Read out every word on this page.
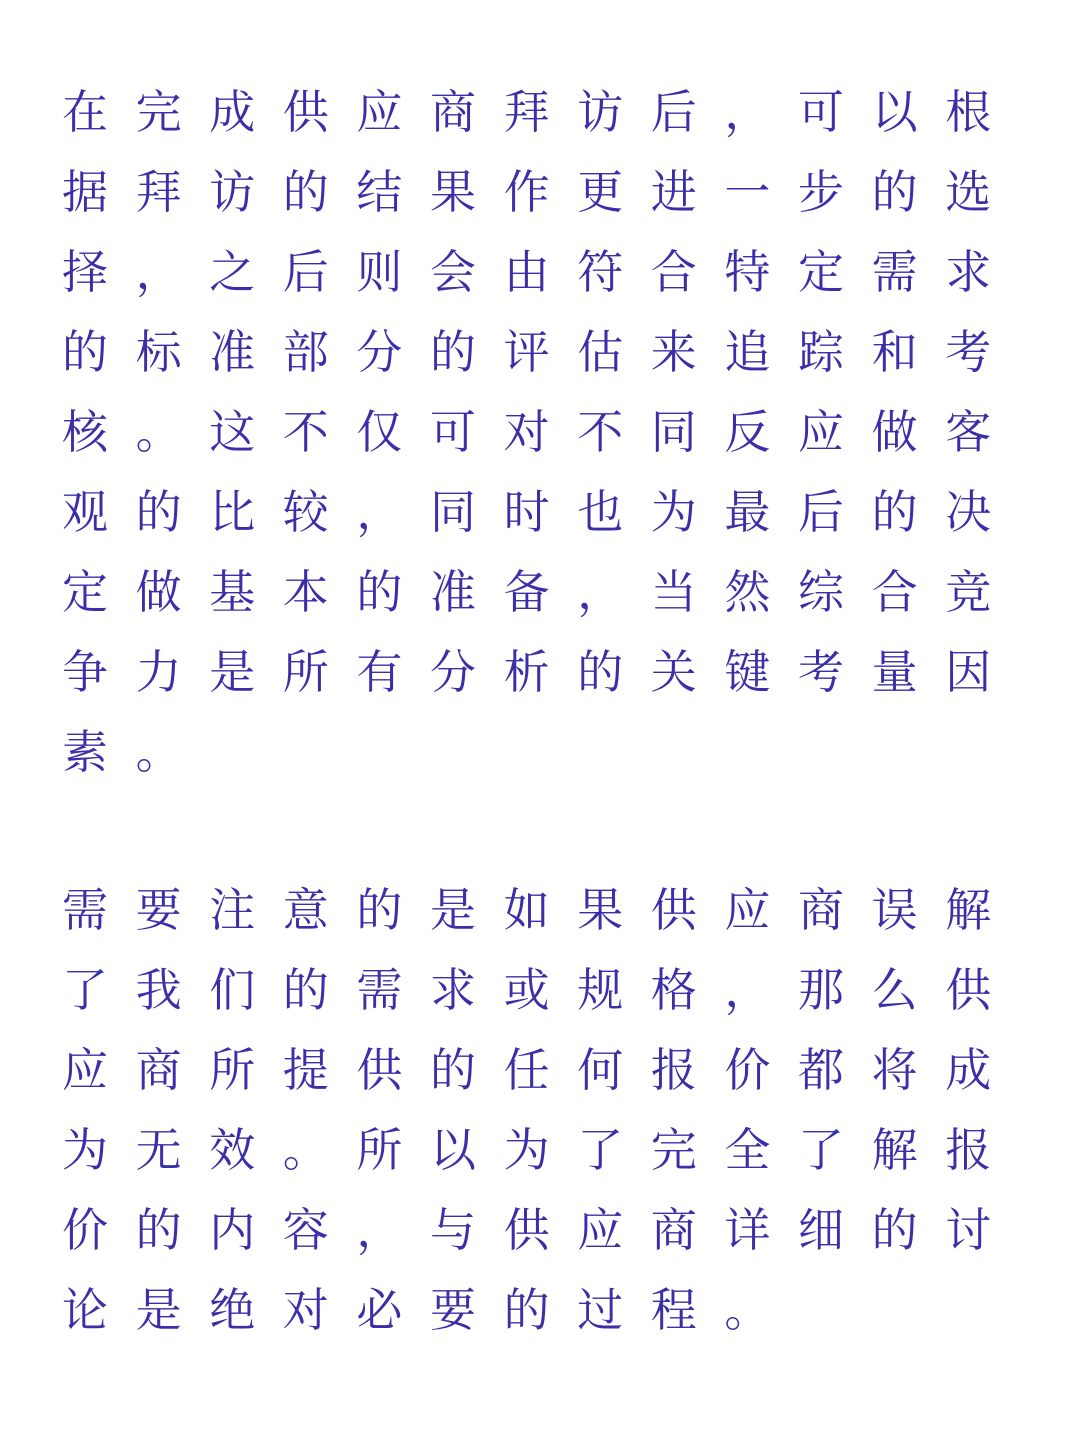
在完成供应商拜访后，可以根
据拜访的结果作更进一步的选
择，之后则会由符合特定需求
的标准部分的评估来追踪和考
核。这不仅可对不同反应做客
观的比较，同时也为最后的决
定做基本的准备，当然综合竞
争力是所有分析的关键考量因
素。
需要注意的是如果供应商误解
了我们的需求或规格，那么供
应商所提供的任何报价都将成
为无效。所以为了完全了解报
价的内容，与供应商详细的讨
论是绝对必要的过程。
